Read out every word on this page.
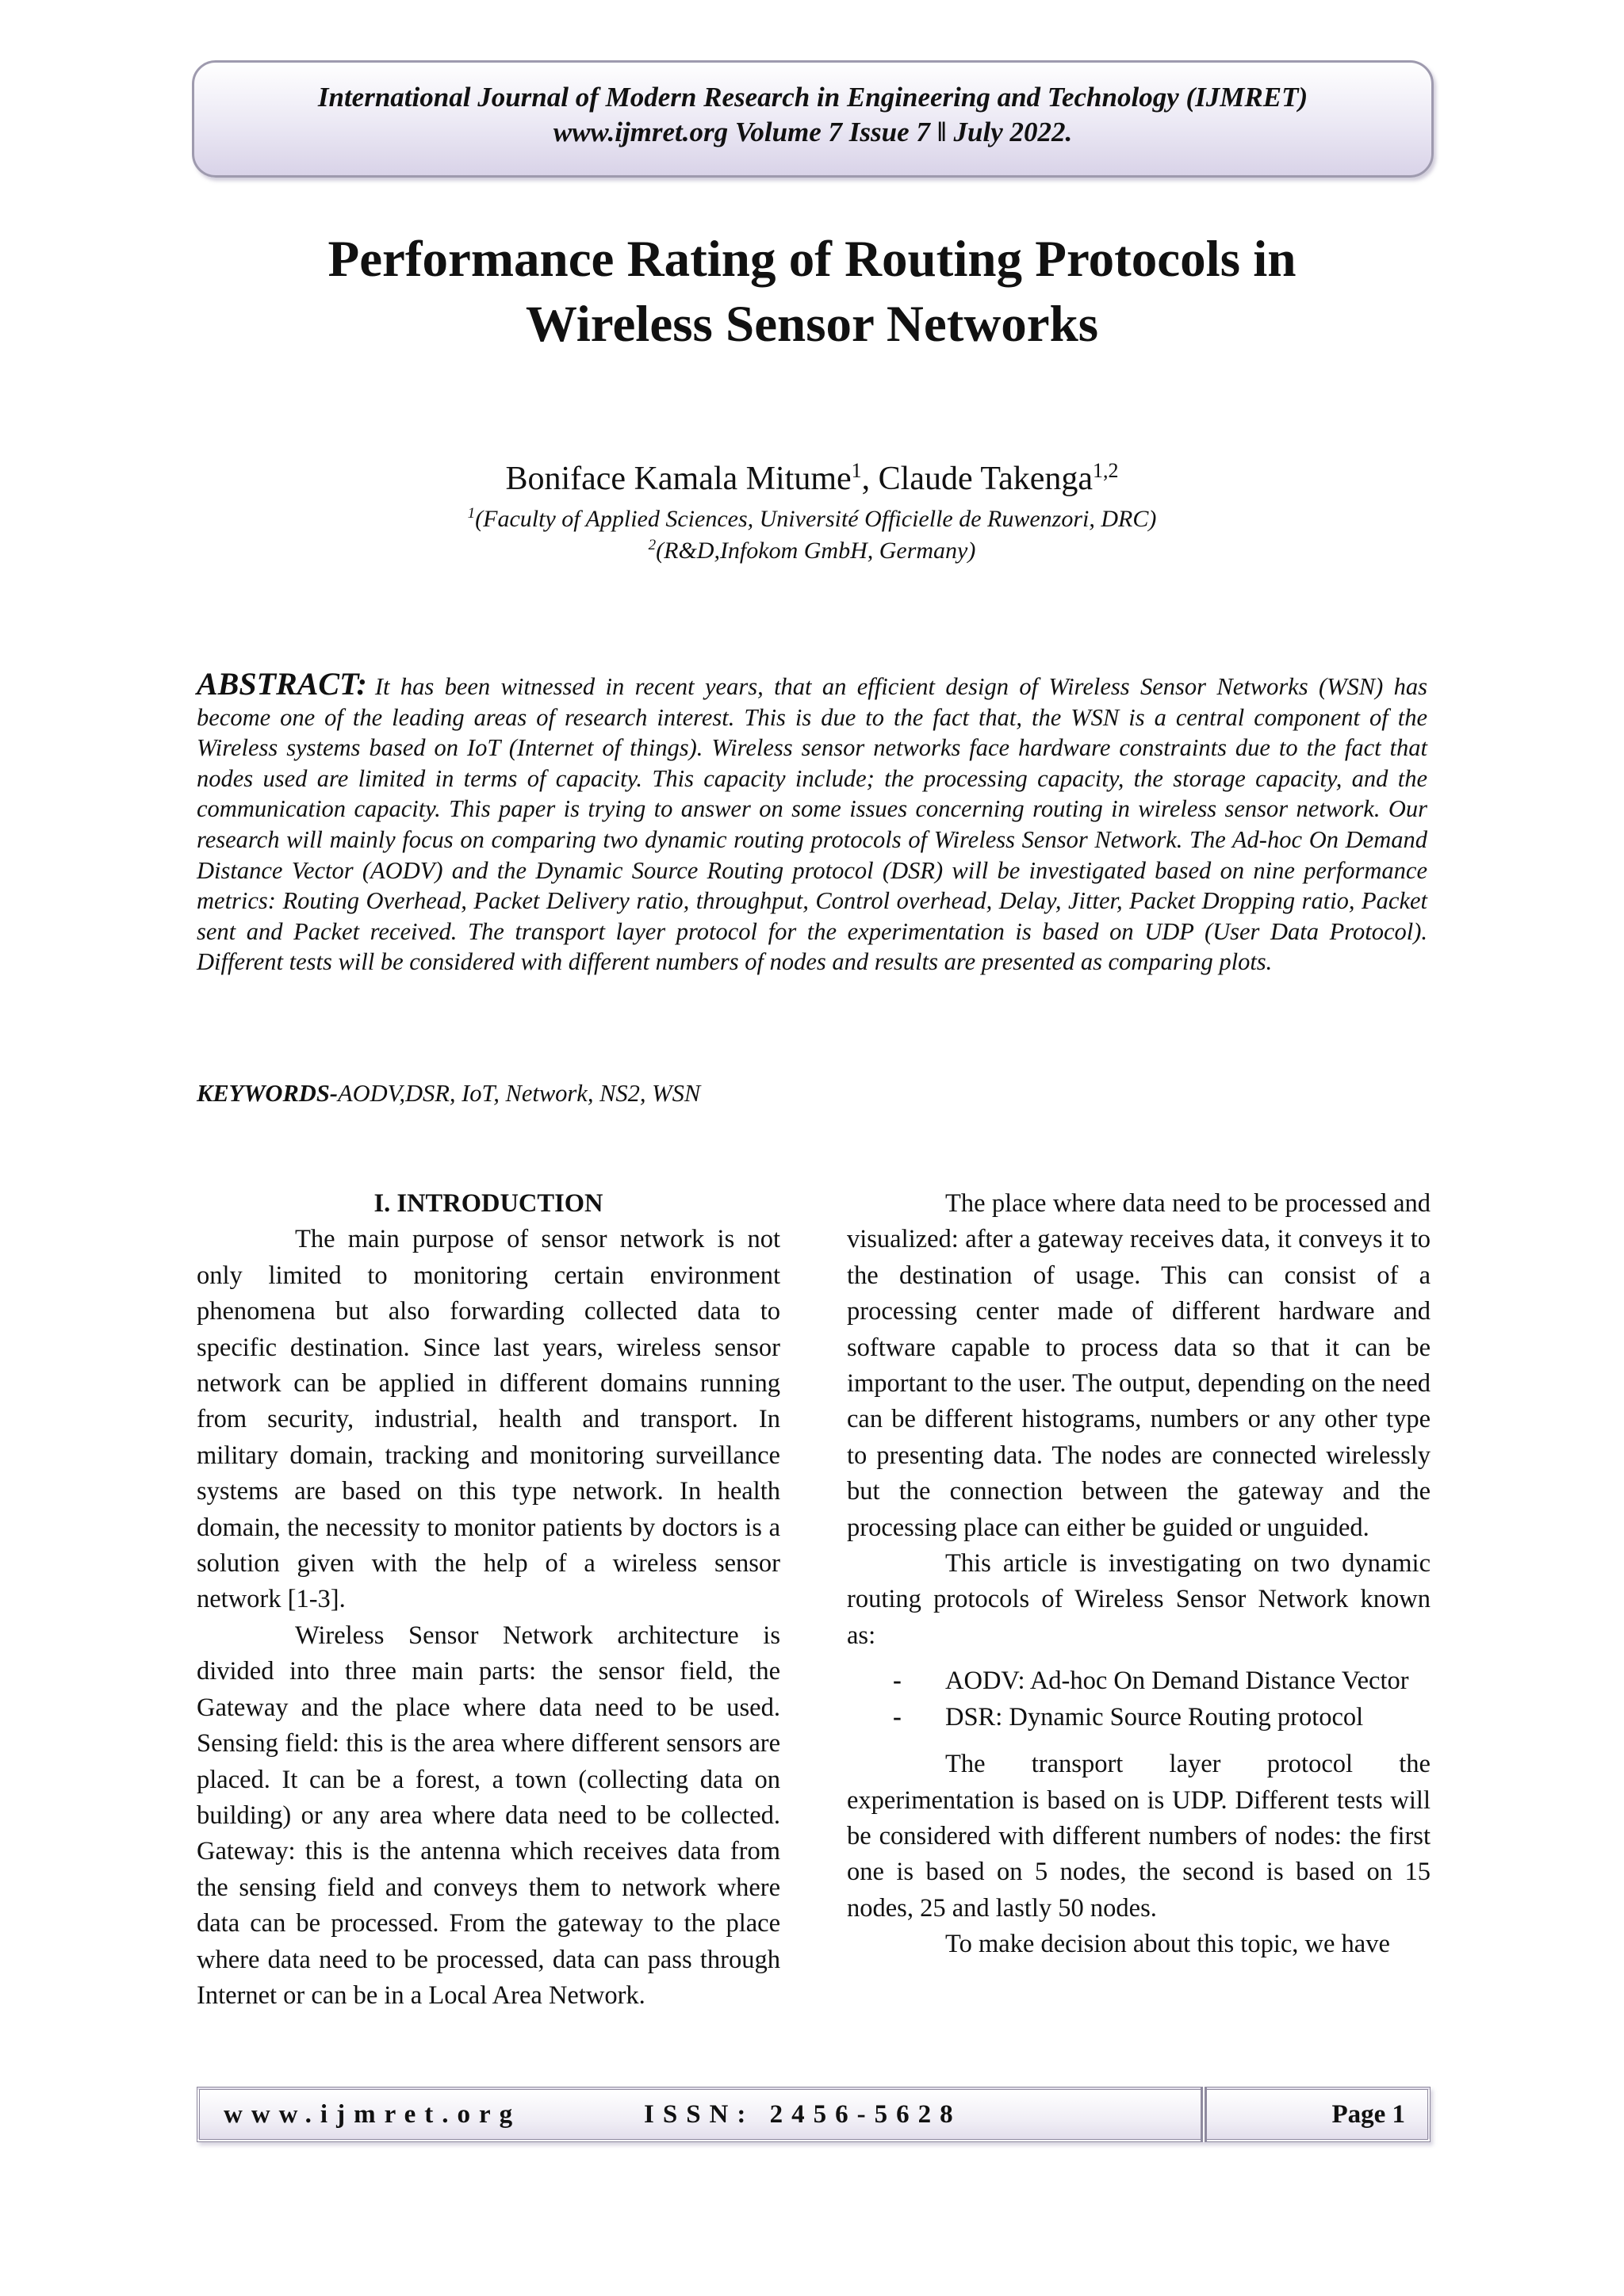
International Journal of Modern Research in Engineering and Technology (IJMRET)
www.ijmret.org Volume 7 Issue 7 ǁ July 2022.
Performance Rating of Routing Protocols in
Wireless Sensor Networks
Boniface Kamala Mitume$^1$, Claude Takenga$^{1,2}$
$^1$(Faculty of Applied Sciences, Université Officielle de Ruwenzori, DRC)
$^2$(R&D,Infokom GmbH, Germany)

ABSTRACT: It has been witnessed in recent years, that an efficient design of Wireless Sensor Networks (WSN) has become one of the leading areas of research interest. This is due to the fact that, the WSN is a central component of the Wireless systems based on IoT (Internet of things). Wireless sensor networks face hardware constraints due to the fact that nodes used are limited in terms of capacity. This capacity include; the processing capacity, the storage capacity, and the communication capacity. This paper is trying to answer on some issues concerning routing in wireless sensor network. Our research will mainly focus on comparing two dynamic routing protocols of Wireless Sensor Network. The Ad-hoc On Demand Distance Vector (AODV) and the Dynamic Source Routing protocol (DSR) will be investigated based on nine performance metrics: Routing Overhead, Packet Delivery ratio, throughput, Control overhead, Delay, Jitter, Packet Dropping ratio, Packet sent and Packet received. The transport layer protocol for the experimentation is based on UDP (User Data Protocol). Different tests will be considered with different numbers of nodes and results are presented as comparing plots.

KEYWORDS-AODV,DSR, IoT, Network, NS2, WSN

I. INTRODUCTION

The main purpose of sensor network is not only limited to monitoring certain environment phenomena but also forwarding collected data to specific destination. Since last years, wireless sensor network can be applied in different domains running from security, industrial, health and transport. In military domain, tracking and monitoring surveillance systems are based on this type network. In health domain, the necessity to monitor patients by doctors is a solution given with the help of a wireless sensor network [1-3].

Wireless Sensor Network architecture is divided into three main parts: the sensor field, the Gateway and the place where data need to be used. Sensing field: this is the area where different sensors are placed. It can be a forest, a town (collecting data on building) or any area where data need to be collected. Gateway: this is the antenna which receives data from the sensing field and conveys them to network where data can be processed. From the gateway to the place where data need to be processed, data can pass through Internet or can be in a Local Area Network.

The place where data need to be processed and visualized: after a gateway receives data, it conveys it to the destination of usage. This can consist of a processing center made of different hardware and software capable to process data so that it can be important to the user. The output, depending on the need can be different histograms, numbers or any other type to presenting data. The nodes are connected wirelessly but the connection between the gateway and the processing place can either be guided or unguided.

This article is investigating on two dynamic routing protocols of Wireless Sensor Network known as:

- AODV: Ad-hoc On Demand Distance Vector
- DSR: Dynamic Source Routing protocol

The transport layer protocol the experimentation is based on is UDP. Different tests will be considered with different numbers of nodes: the first one is based on 5 nodes, the second is based on 15 nodes, 25 and lastly 50 nodes.

To make decision about this topic, we have

www.ijmret.org	ISSN: 2456-5628	Page 1
